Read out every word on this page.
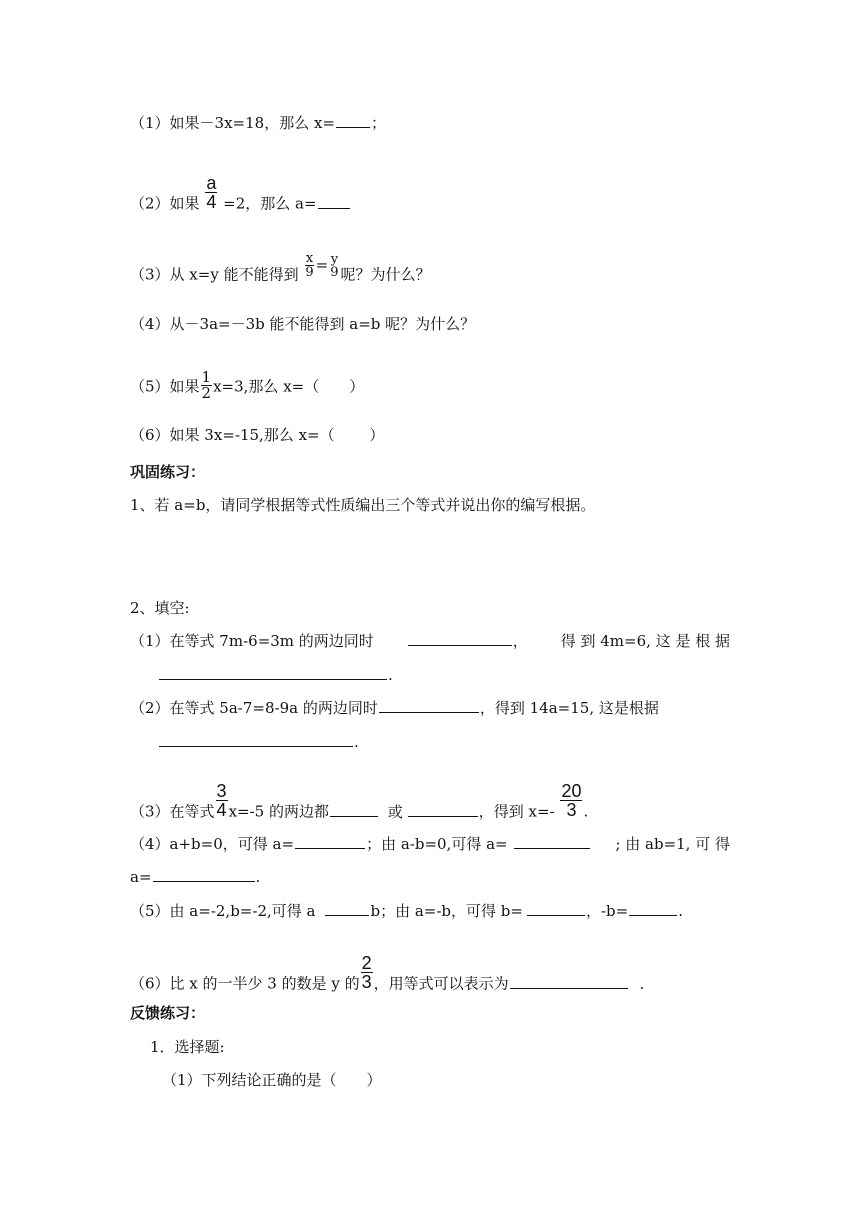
（1）如果－3x=18，那么 x= ；
（2）如果 $\frac{a}{4} =2$，那么 a=
（3）从 x=y 能不能得到 $\frac{x}{9} = y$
9 呢？为什么？
（4）从－3a=－3b 能不能得到 a=b 呢？为什么？
（5）如果 $\frac{1}{2} x=3$,那么 x=（　　）
（6）如果 3x=-15,那么 x=（　　 ）
巩固练习：
1、若 a=b，请同学根据等式性质编出三个等式并说出你的编写根据。
2、填空:
（1）在等式 7m-6=3m 的两边同时	， 得 到 4m=6, 这 是 根 据
.
（2）在等式 5a-7=8-9a 的两边同时	，得到 14a=15, 这是根据
.
（3）在等式 $\frac{3}{4} x=-5$ 的两边都	或	，得到 $x=- \frac{20}{3}$ .
（4）a+b=0，可得 a=	；由 a-b=0,可得 a=	; 由 ab=1, 可 得
a=	.
（5）由 a=-2,b=-2,可得 a	b；由 a=-b，可得 b=	，-b=	.
（6）比 x 的一半少 3 的数是 y 的 $\frac{2}{3}$ ，用等式可以表示为	.
反馈练习：
1．选择题:
（1）下列结论正确的是（　　）
